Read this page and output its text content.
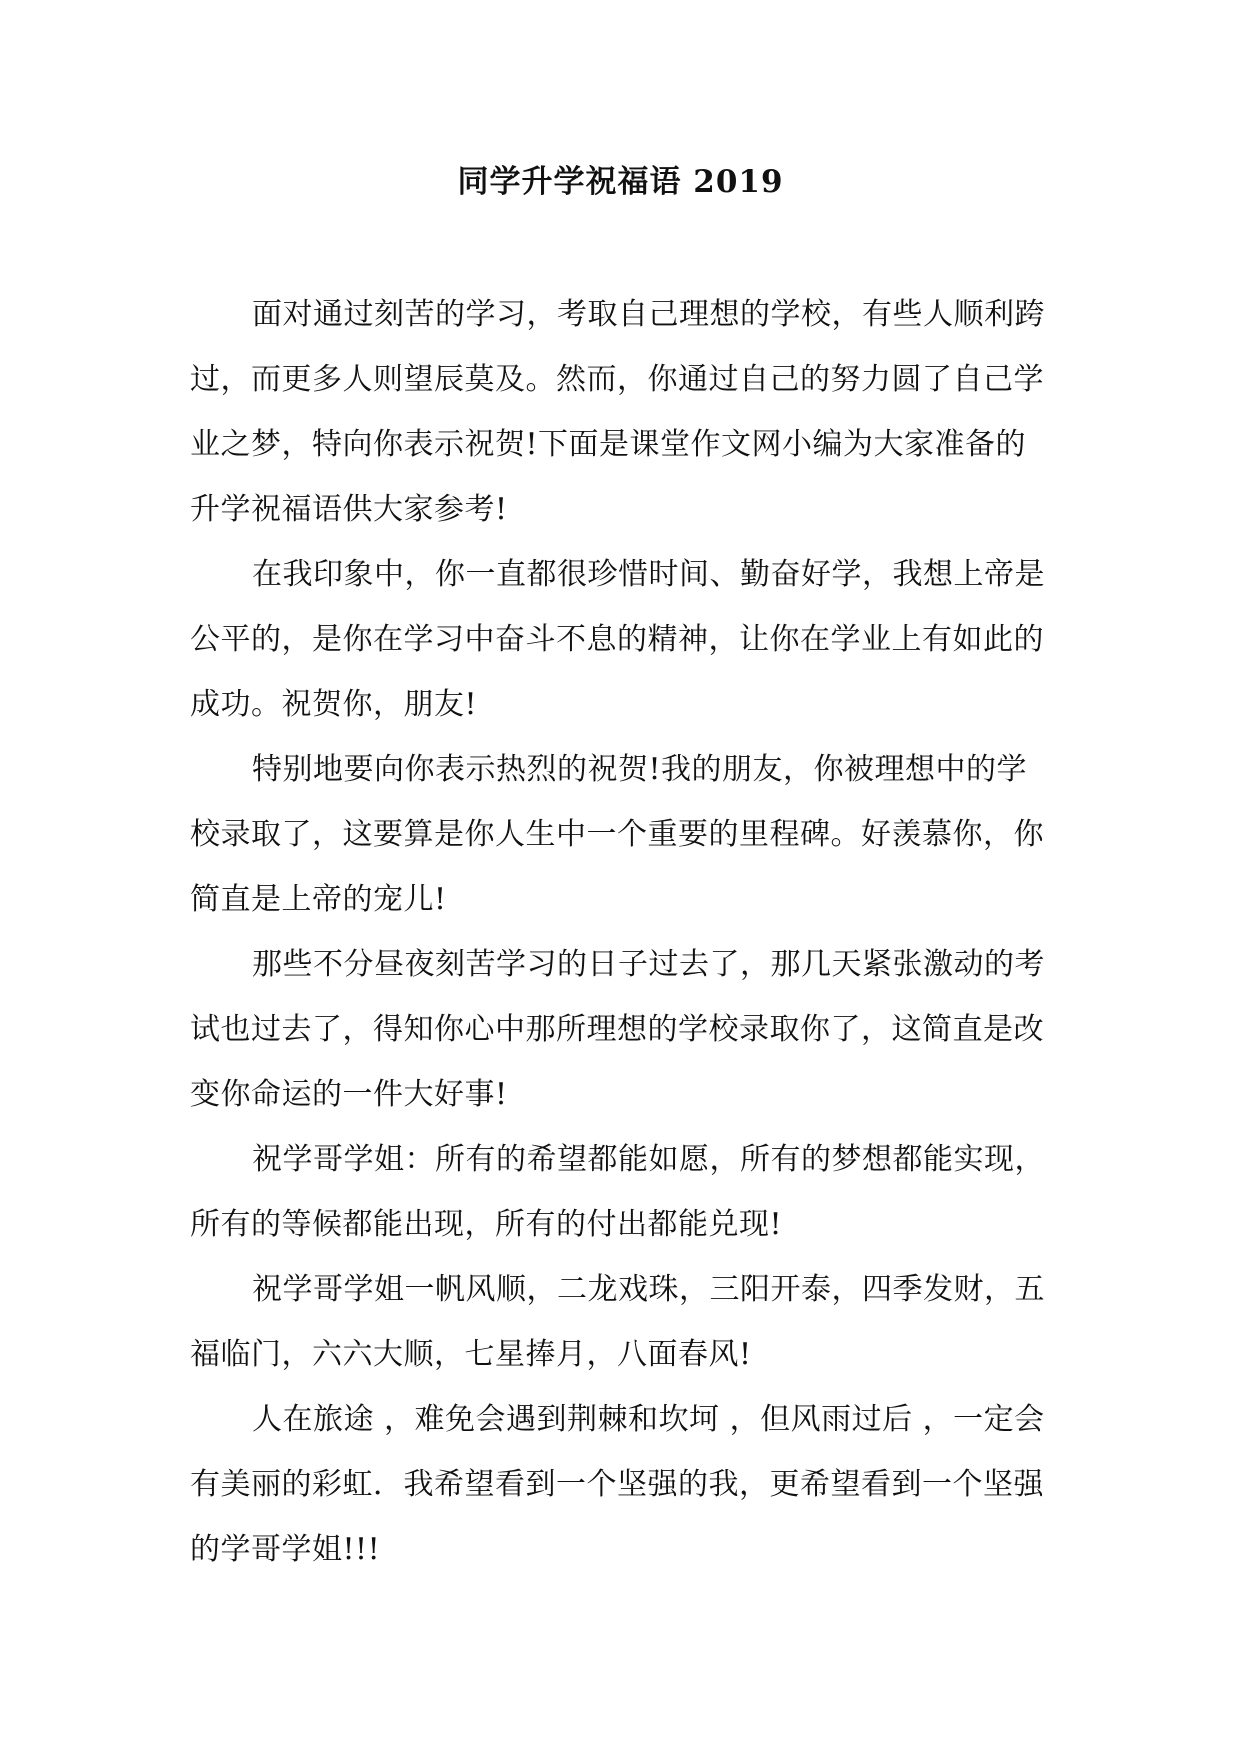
同学升学祝福语 2019
面对通过刻苦的学习，考取自己理想的学校，有些人顺利跨
过，而更多人则望辰莫及。然而，你通过自己的努力圆了自己学
业之梦，特向你表示祝贺!下面是课堂作文网小编为大家准备的
升学祝福语供大家参考!
在我印象中，你一直都很珍惜时间、勤奋好学，我想上帝是
公平的，是你在学习中奋斗不息的精神，让你在学业上有如此的
成功。祝贺你，朋友!
特别地要向你表示热烈的祝贺!我的朋友，你被理想中的学
校录取了，这要算是你人生中一个重要的里程碑。好羡慕你，你
简直是上帝的宠儿!
那些不分昼夜刻苦学习的日子过去了，那几天紧张激动的考
试也过去了，得知你心中那所理想的学校录取你了，这简直是改
变你命运的一件大好事!
祝学哥学姐：所有的希望都能如愿，所有的梦想都能实现，
所有的等候都能出现，所有的付出都能兑现!
祝学哥学姐一帆风顺，二龙戏珠，三阳开泰，四季发财，五
福临门，六六大顺，七星捧月，八面春风!
人在旅途 ，难免会遇到荆棘和坎坷 ，但风雨过后 ，一定会
有美丽的彩虹．我希望看到一个坚强的我，更希望看到一个坚强
的学哥学姐!!!
